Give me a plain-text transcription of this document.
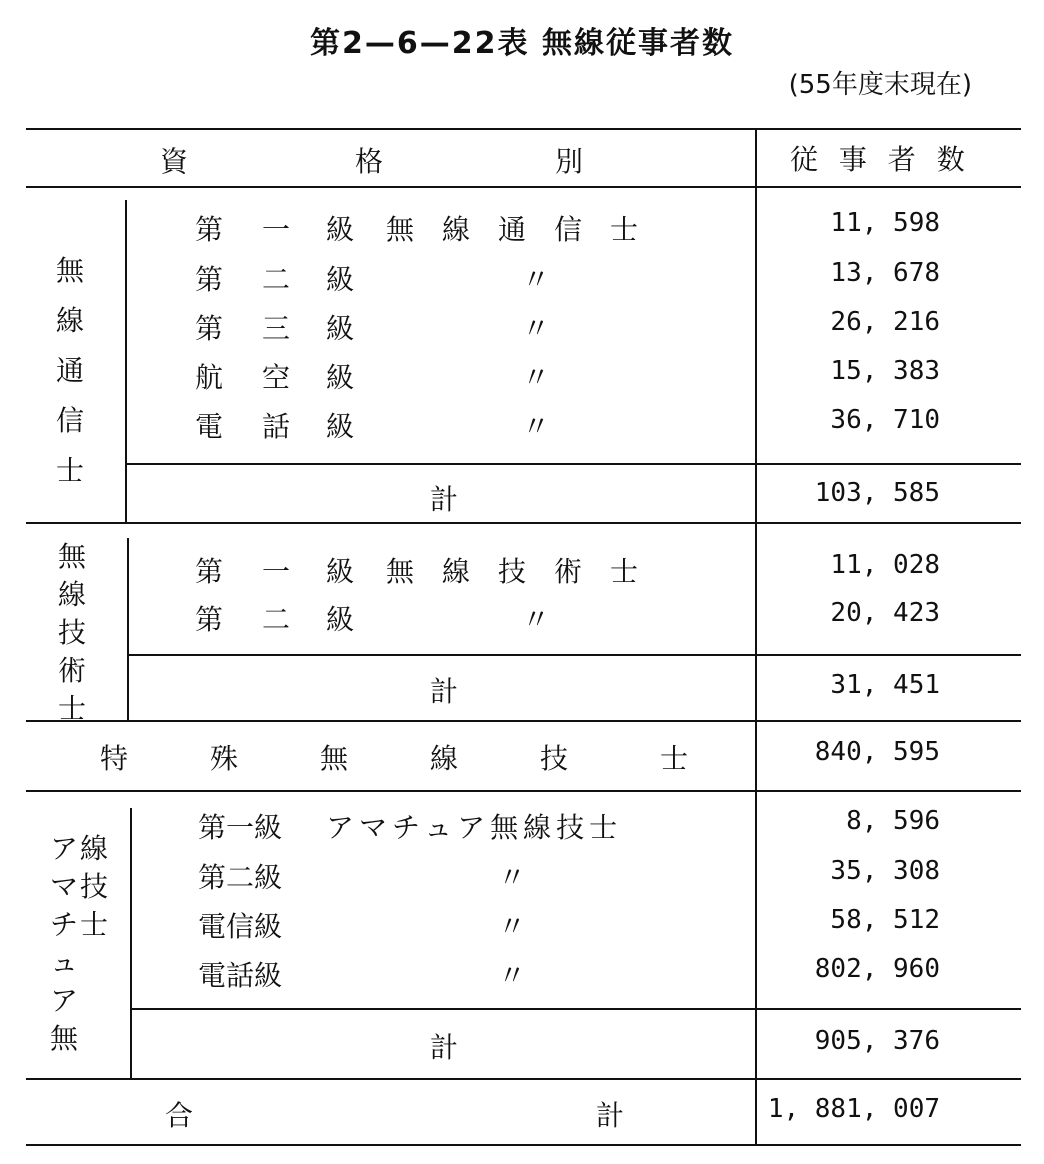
第2—6—22表 無線従事者数
(55年度末現在)
資	格	別	従 事 者 数
無
線
通
信
士
第 一 級 無　線　通　信　士	11, 598
第 二 級	〃	13, 678
第 三 級	〃	26, 216
航 空 級	〃	15, 383
電 話 級	〃	36, 710
計	103, 585
無
線
技
術
士
第 一 級 無　線　技　術　士	11, 028
第 二 級	〃	20, 423
計	31, 451
特	殊	無	線	技	士	840, 595
ア
マ
チ
ュ
ア
無
線
技
士
第一級 アマチュア無線技士	8, 596
第二級	〃	35, 308
電信級	〃	58, 512
電話級	〃	802, 960
計	905, 376
合	計	1, 881, 007
